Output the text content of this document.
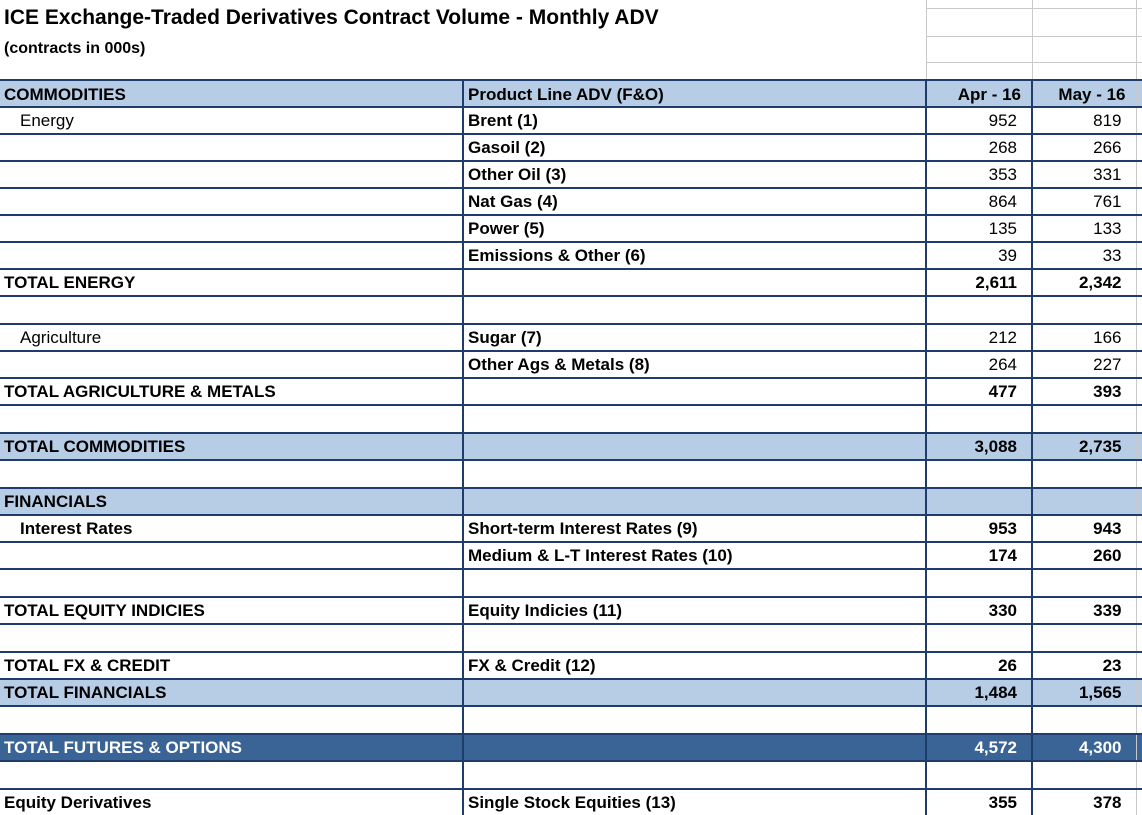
ICE Exchange-Traded Derivatives Contract Volume - Monthly ADV
(contracts in 000s)
COMMODITIES	Product Line ADV (F&O)	Apr - 16	May - 16	
Energy	Brent (1)	952	819	
	Gasoil (2)	268	266	
	Other Oil (3)	353	331	
	Nat Gas (4)	864	761	
	Power (5)	135	133	
	Emissions & Other (6)	39	33	
TOTAL ENERGY		2,611	2,342	

Agriculture	Sugar (7)	212	166	
	Other Ags & Metals (8)	264	227	
TOTAL AGRICULTURE & METALS		477	393	

TOTAL COMMODITIES		3,088	2,735	

FINANCIALS				
Interest Rates	Short-term Interest Rates (9)	953	943	
	Medium & L-T Interest Rates (10)	174	260	

TOTAL EQUITY INDICIES	Equity Indicies (11)	330	339	

TOTAL FX & CREDIT	FX & Credit (12)	26	23	
TOTAL FINANCIALS		1,484	1,565	

TOTAL FUTURES & OPTIONS		4,572	4,300	

Equity Derivatives	Single Stock Equities (13)	355	378	
